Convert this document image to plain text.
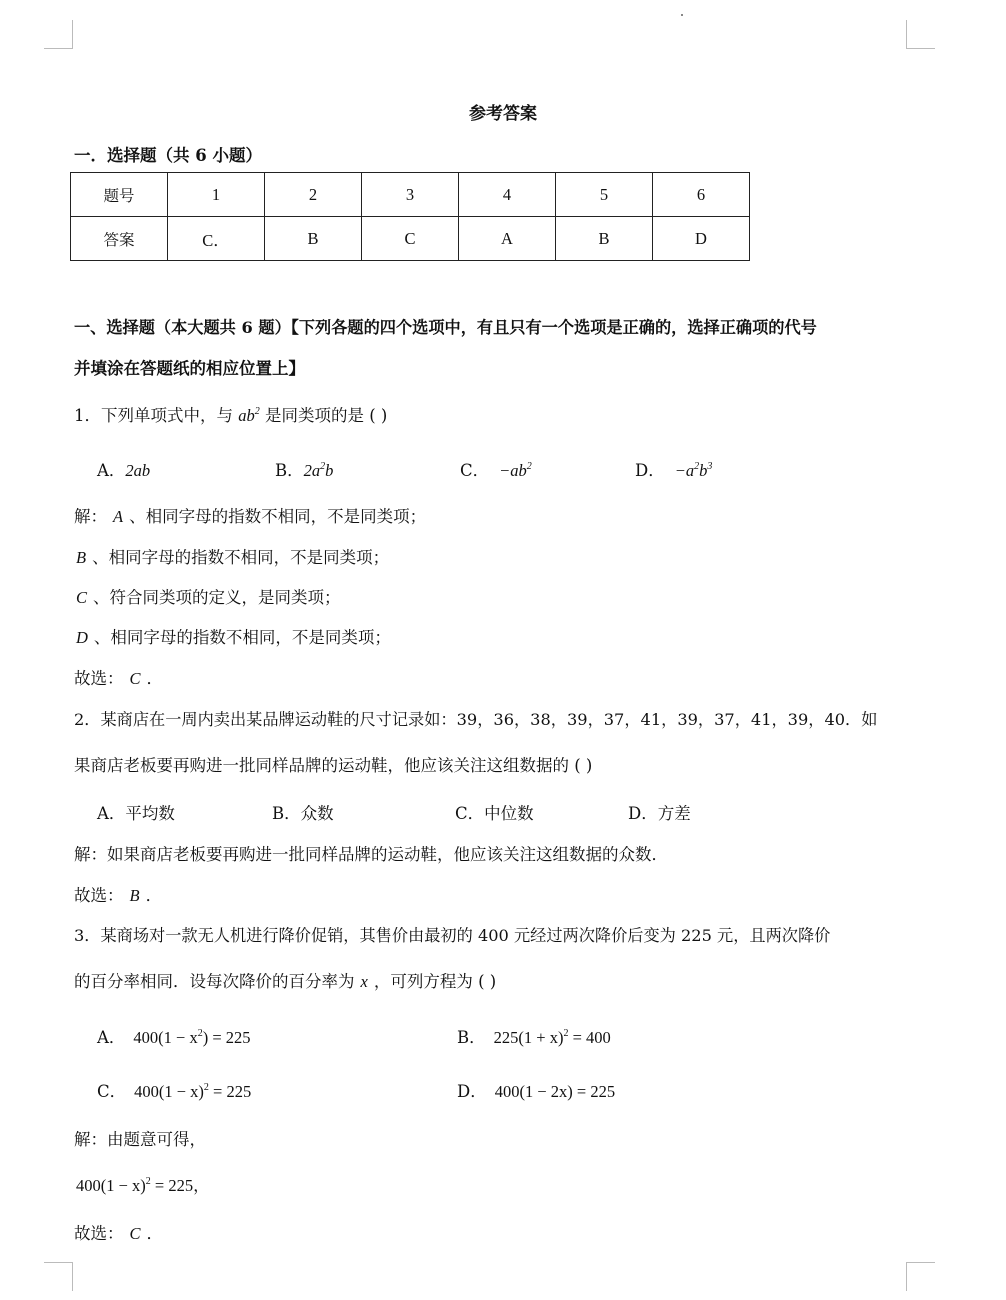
参考答案
一．选择题（共 6 小题）
题号	1	2	3	4	5	6
答案	C．	B	C	A	B	D
一、选择题（本大题共 6 题）【下列各题的四个选项中，有且只有一个选项是正确的，选择正确项的代号
并填涂在答题纸的相应位置上】
1．下列单项式中，与 $ab^2$ 是同类项的是 ( )
A．2ab	B．$2a^2b$	C． $-ab^2$	D． $-a^2b^3$
解： A 、相同字母的指数不相同，不是同类项；
B 、相同字母的指数不相同，不是同类项；
C 、符合同类项的定义，是同类项；
D 、相同字母的指数不相同，不是同类项；
故选： C ．
2．某商店在一周内卖出某品牌运动鞋的尺寸记录如：39，36，38，39，37，41，39，37，41，39，40．如
果商店老板要再购进一批同样品牌的运动鞋，他应该关注这组数据的 ( )
A．平均数	B．众数	C．中位数	D．方差
解：如果商店老板要再购进一批同样品牌的运动鞋，他应该关注这组数据的众数．
故选： B ．
3．某商场对一款无人机进行降价促销，其售价由最初的 400 元经过两次降价后变为 225 元，且两次降价
的百分率相同．设每次降价的百分率为 x ，可列方程为 ( )
A． $400(1 - x^2) = 225$	B． $225(1 + x)^2 = 400$
C． $400(1 - x)^2 = 225$	D． 400(1 − 2x) = 225
解：由题意可得，
$400(1 - x)^2 = 225$，
故选： C ．
